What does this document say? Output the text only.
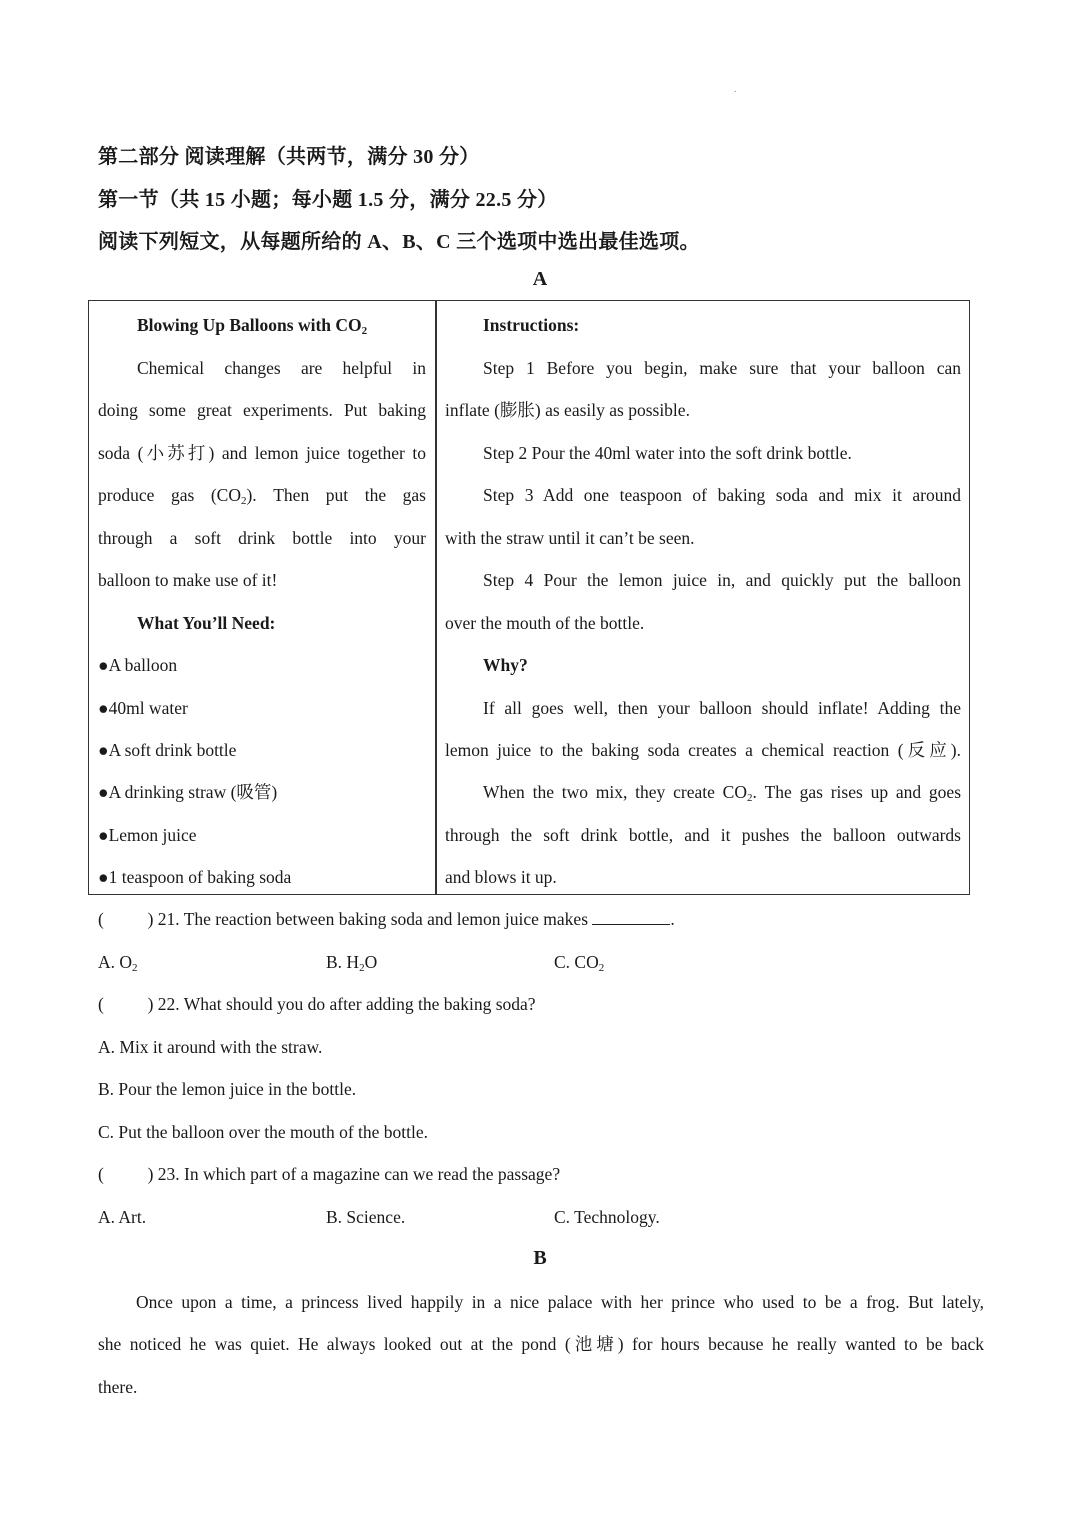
.
第二部分 阅读理解（共两节，满分 30 分）
第一节（共 15 小题；每小题 1.5 分，满分 22.5 分）
阅读下列短文，从每题所给的 A、B、C 三个选项中选出最佳选项。
A
Blowing Up Balloons with $CO_2$
Chemical changes are helpful in
doing some great experiments. Put baking
soda (小苏打) and lemon juice together to
produce gas $(CO_2)$. Then put the gas
through a soft drink bottle into your
balloon to make use of it!
What You’ll Need:
●A balloon
●40ml water
●A soft drink bottle
●A drinking straw (吸管)
●Lemon juice
●1 teaspoon of baking soda
Instructions:
Step 1 Before you begin, make sure that your balloon can
inflate (膨胀) as easily as possible.
Step 2 Pour the 40ml water into the soft drink bottle.
Step 3 Add one teaspoon of baking soda and mix it around
with the straw until it can’t be seen.
Step 4 Pour the lemon juice in, and quickly put the balloon
over the mouth of the bottle.
Why?
If all goes well, then your balloon should inflate! Adding the
lemon juice to the baking soda creates a chemical reaction (反应).
When the two mix, they create $CO_2$. The gas rises up and goes
through the soft drink bottle, and it pushes the balloon outwards
and blows it up.
(          ) 21. The reaction between baking soda and lemon juice makes	.
A. $O_2$	B. $H_2O$	C. $CO_2$
(          ) 22. What should you do after adding the baking soda?
A. Mix it around with the straw.
B. Pour the lemon juice in the bottle.
C. Put the balloon over the mouth of the bottle.
(          ) 23. In which part of a magazine can we read the passage?
A. Art.	B. Science.	C. Technology.
B
Once upon a time, a princess lived happily in a nice palace with her prince who used to be a frog. But lately,
she noticed he was quiet. He always looked out at the pond (池塘) for hours because he really wanted to be back
there.
